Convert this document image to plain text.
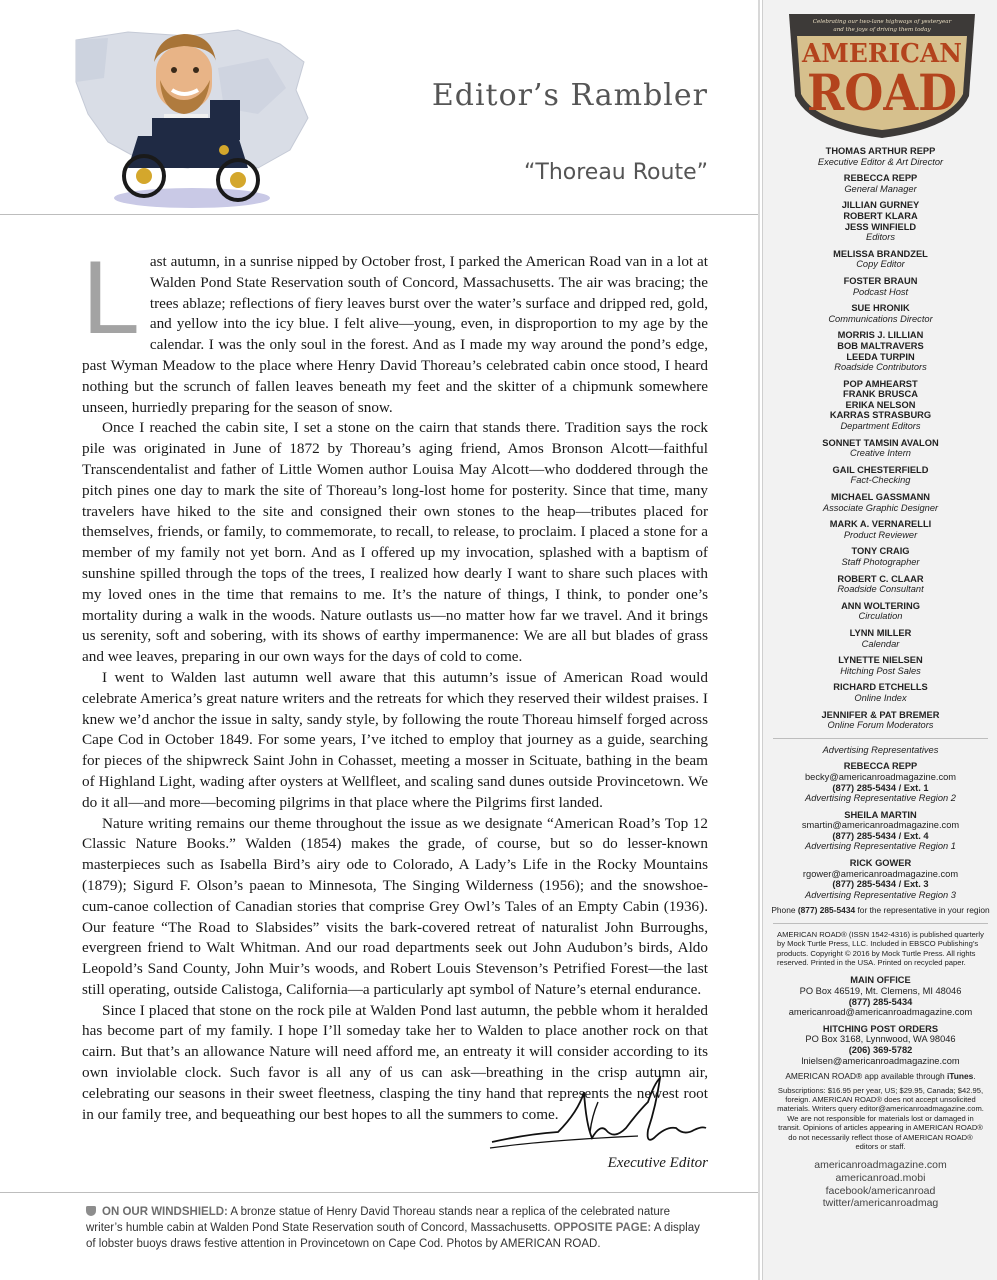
Editor’s Rambler
“Thoreau Route”

Last autumn, in a sunrise nipped by October frost, I parked the American Road van in a lot at Walden Pond State Reservation south of Concord, Massachusetts. The air was bracing; the trees ablaze; reflections of fiery leaves burst over the water’s surface and dripped red, gold, and yellow into the icy blue. I felt alive—young, even, in disproportion to my age by the calendar. I was the only soul in the forest. And as I made my way around the pond’s edge, past Wyman Meadow to the place where Henry David Thoreau’s celebrated cabin once stood, I heard nothing but the scrunch of fallen leaves beneath my feet and the skitter of a chipmunk somewhere unseen, hurriedly preparing for the season of snow.

Once I reached the cabin site, I set a stone on the cairn that stands there. Tradition says the rock pile was originated in June of 1872 by Thoreau’s aging friend, Amos Bronson Alcott—faithful Transcendentalist and father of Little Women author Louisa May Alcott—who doddered through the pitch pines one day to mark the site of Thoreau’s long-lost home for posterity. Since that time, many travelers have hiked to the site and consigned their own stones to the heap—tributes placed for themselves, friends, or family, to commemorate, to recall, to release, to proclaim. I placed a stone for a member of my family not yet born. And as I offered up my invocation, splashed with a baptism of sunshine spilled through the tops of the trees, I realized how dearly I want to share such places with my loved ones in the time that remains to me. It’s the nature of things, I think, to ponder one’s mortality during a walk in the woods. Nature outlasts us—no matter how far we travel. And it brings us serenity, soft and sobering, with its shows of earthy impermanence: We are all but blades of grass and wee leaves, preparing in our own ways for the days of cold to come.

I went to Walden last autumn well aware that this autumn’s issue of American Road would celebrate America’s great nature writers and the retreats for which they reserved their wildest praises. I knew we’d anchor the issue in salty, sandy style, by following the route Thoreau himself forged across Cape Cod in October 1849. For some years, I’ve itched to employ that journey as a guide, searching for pieces of the shipwreck Saint John in Cohasset, meeting a mosser in Scituate, bathing in the beam of Highland Light, wading after oysters at Wellfleet, and scaling sand dunes outside Provincetown. We do it all—and more—becoming pilgrims in that place where the Pilgrims first landed.

Nature writing remains our theme throughout the issue as we designate “American Road’s Top 12 Classic Nature Books.” Walden (1854) makes the grade, of course, but so do lesser-known masterpieces such as Isabella Bird’s airy ode to Colorado, A Lady’s Life in the Rocky Mountains (1879); Sigurd F. Olson’s paean to Minnesota, The Singing Wilderness (1956); and the snowshoe-cum-canoe collection of Canadian stories that comprise Grey Owl’s Tales of an Empty Cabin (1936). Our feature “The Road to Slabsides” visits the bark-covered retreat of naturalist John Burroughs, evergreen friend to Walt Whitman. And our road departments seek out John Audubon’s birds, Aldo Leopold’s Sand County, John Muir’s woods, and Robert Louis Stevenson’s Petrified Forest—the last still operating, outside Calistoga, California—a particularly apt symbol of Nature’s eternal endurance.

Since I placed that stone on the rock pile at Walden Pond last autumn, the pebble whom it heralded has become part of my family. I hope I’ll someday take her to Walden to place another rock on that cairn. But that’s an allowance Nature will need afford me, an entreaty it will consider according to its own inviolable clock. Such favor is all any of us can ask—breathing in the crisp autumn air, celebrating our seasons in their sweet fleetness, clasping the tiny hand that represents the newest root in our family tree, and bequeathing our best hopes to all the summers to come.

Executive Editor
ON OUR WINDSHIELD: A bronze statue of Henry David Thoreau stands near a replica of the celebrated nature writer’s humble cabin at Walden Pond State Reservation south of Concord, Massachusetts. OPPOSITE PAGE: A display of lobster buoys draws festive attention in Provincetown on Cape Cod. Photos by AMERICAN ROAD.
Celebrating our two-lane highways of yesteryear
and the joys of driving them today
AMERICAN
ROAD
THOMAS ARTHUR REPP
Executive Editor & Art Director
REBECCA REPP
General Manager
JILLIAN GURNEY
ROBERT KLARA
JESS WINFIELD
Editors
MELISSA BRANDZEL
Copy Editor
FOSTER BRAUN
Podcast Host
SUE HRONIK
Communications Director
MORRIS J. LILLIAN
BOB MALTRAVERS
LEEDA TURPIN
Roadside Contributors
POP AMHEARST
FRANK BRUSCA
ERIKA NELSON
KARRAS STRASBURG
Department Editors
SONNET TAMSIN AVALON
Creative Intern
GAIL CHESTERFIELD
Fact-Checking
MICHAEL GASSMANN
Associate Graphic Designer
MARK A. VERNARELLI
Product Reviewer
TONY CRAIG
Staff Photographer
ROBERT C. CLAAR
Roadside Consultant
ANN WOLTERING
Circulation
LYNN MILLER
Calendar
LYNETTE NIELSEN
Hitching Post Sales
RICHARD ETCHELLS
Online Index
JENNIFER & PAT BREMER
Online Forum Moderators
Advertising Representatives
REBECCA REPP
becky@americanroadmagazine.com
(877) 285-5434 / Ext. 1
Advertising Representative Region 2
SHEILA MARTIN
smartin@americanroadmagazine.com
(877) 285-5434 / Ext. 4
Advertising Representative Region 1
RICK GOWER
rgower@americanroadmagazine.com
(877) 285-5434 / Ext. 3
Advertising Representative Region 3
Phone (877) 285-5434 for the representative in your region
AMERICAN ROAD® (ISSN 1542-4316) is published quarterly by Mock Turtle Press, LLC. Included in EBSCO Publishing’s products. Copyright © 2016 by Mock Turtle Press. All rights reserved. Printed in the USA. Printed on recycled paper.
MAIN OFFICE
PO Box 46519, Mt. Clemens, MI 48046
(877) 285-5434
americanroad@americanroadmagazine.com
HITCHING POST ORDERS
PO Box 3168, Lynnwood, WA 98046
(206) 369-5782
lnielsen@americanroadmagazine.com
AMERICAN ROAD® app available through iTunes.
Subscriptions: $16.95 per year, US; $29.95, Canada; $42.95, foreign. AMERICAN ROAD® does not accept unsolicited materials. Writers query editor@americanroadmagazine.com. We are not responsible for materials lost or damaged in transit. Opinions of articles appearing in AMERICAN ROAD® do not necessarily reflect those of AMERICAN ROAD® editors or staff.
americanroadmagazine.com
americanroad.mobi
facebook/americanroad
twitter/americanroadmag
